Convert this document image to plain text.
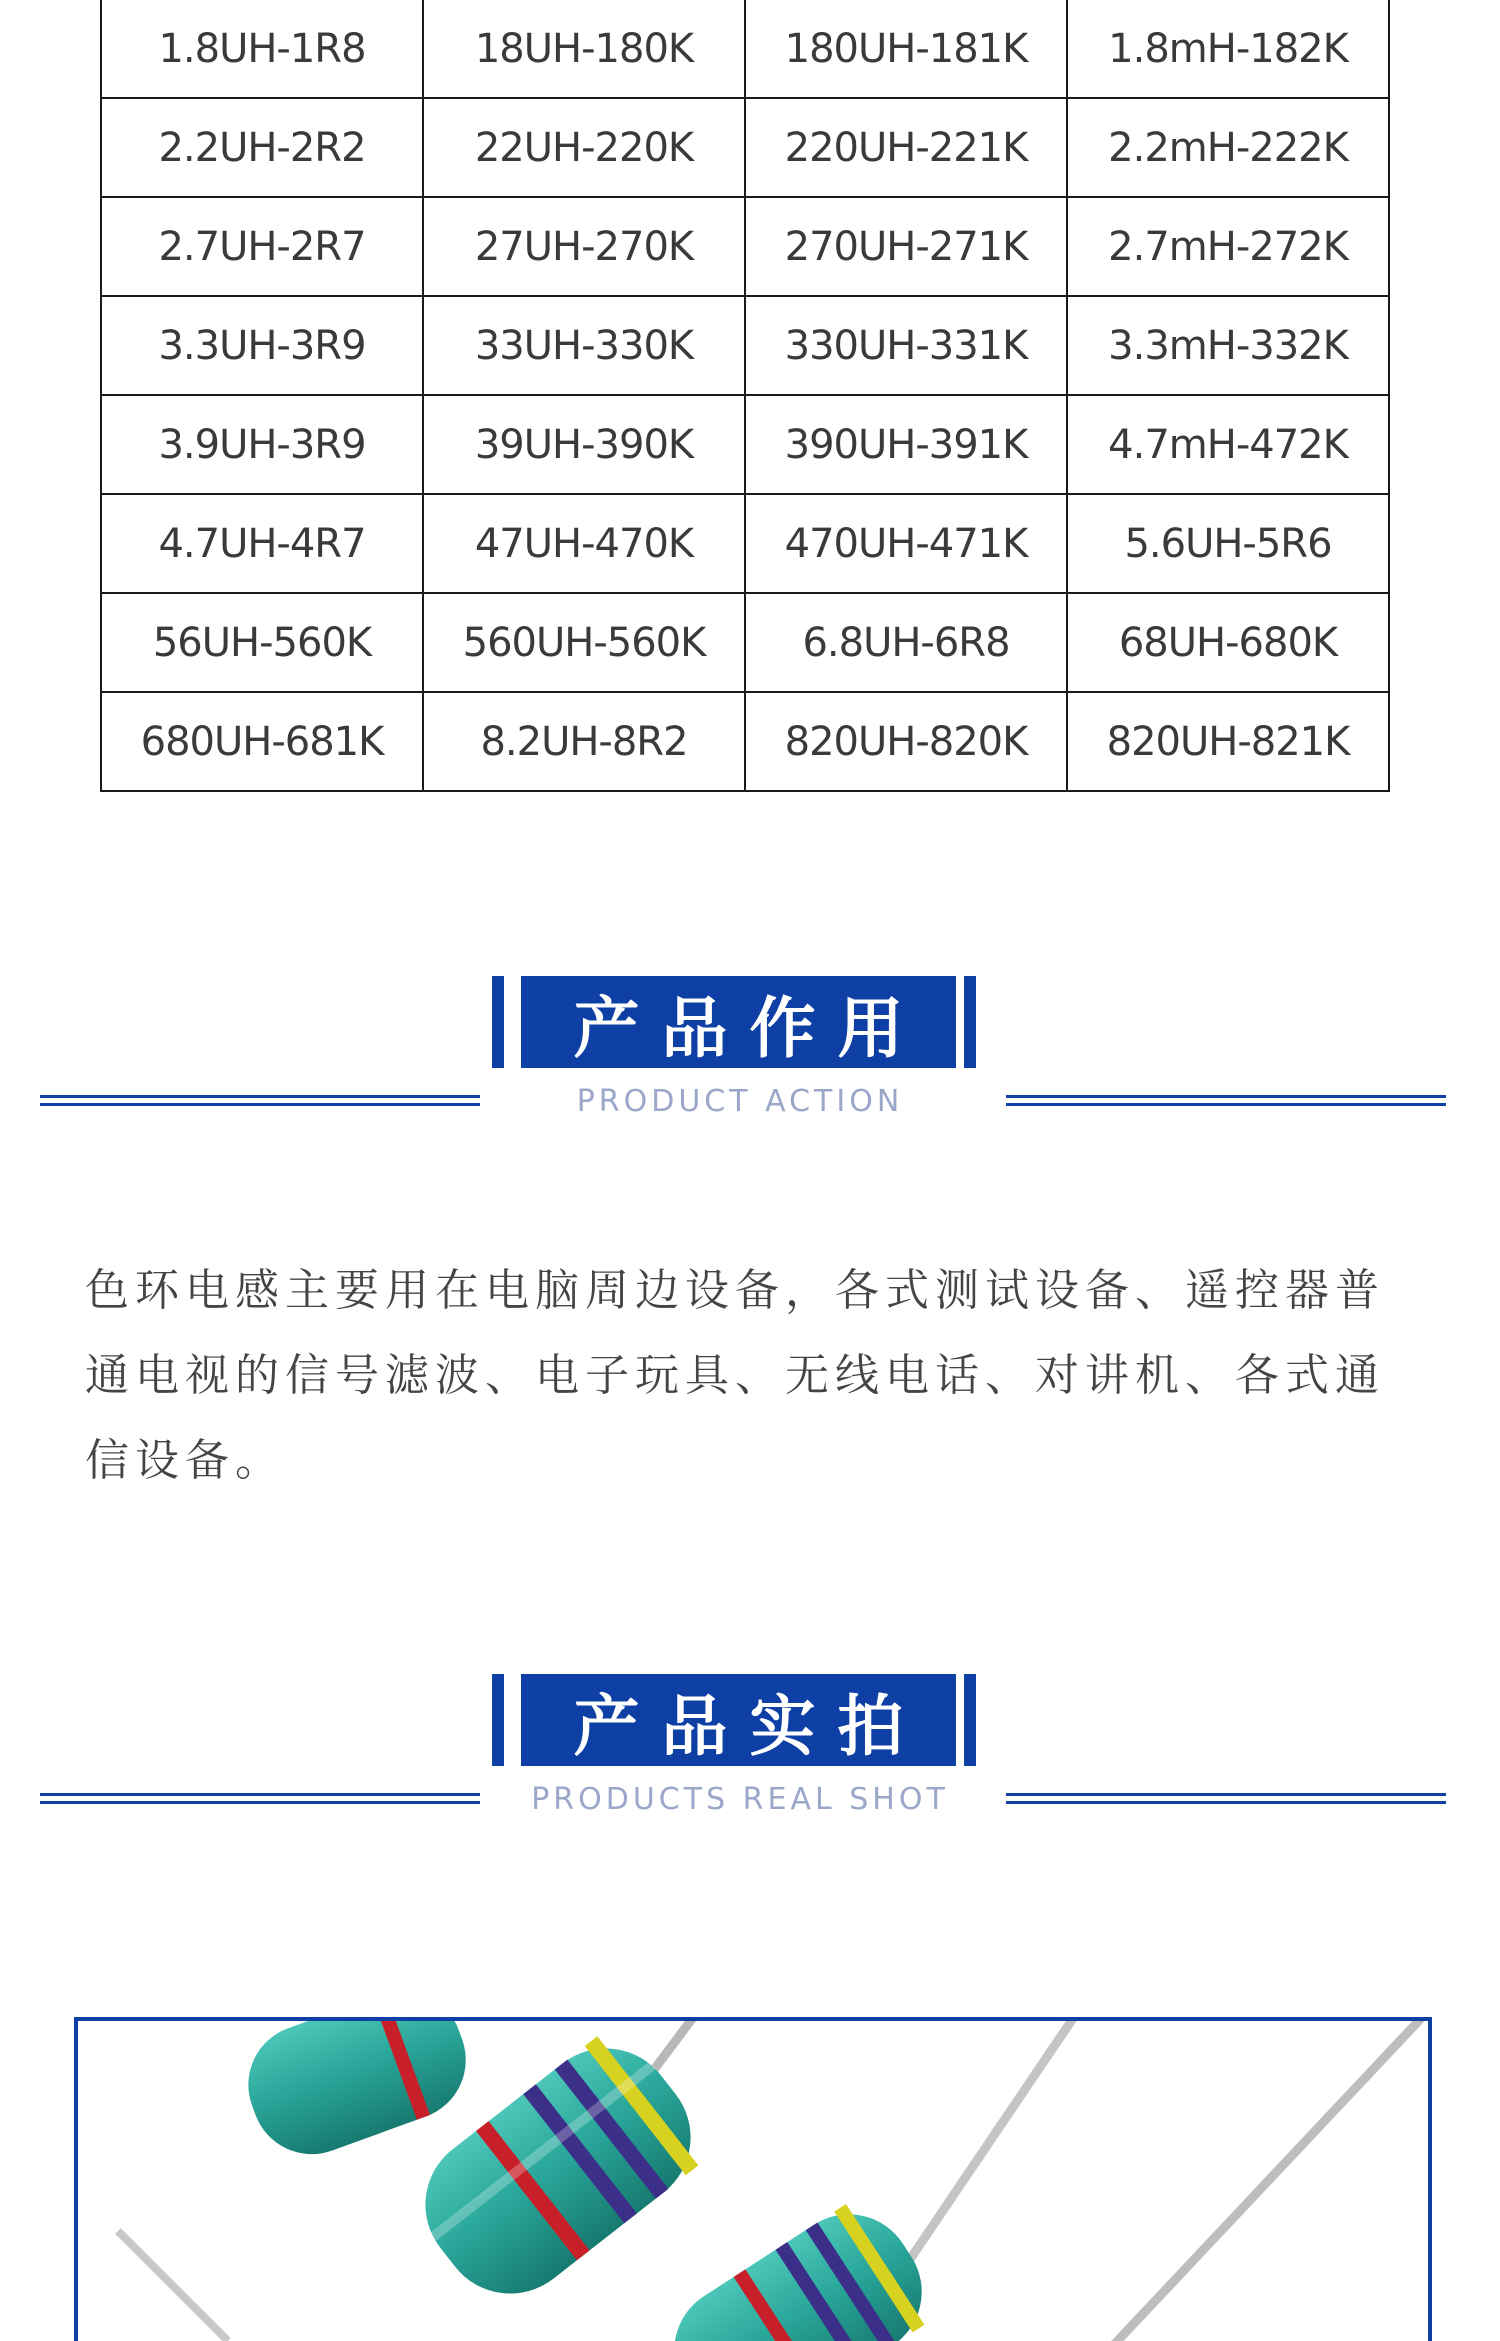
1.8UH-1R8	18UH-180K	180UH-181K	1.8mH-182K
2.2UH-2R2	22UH-220K	220UH-221K	2.2mH-222K
2.7UH-2R7	27UH-270K	270UH-271K	2.7mH-272K
3.3UH-3R9	33UH-330K	330UH-331K	3.3mH-332K
3.9UH-3R9	39UH-390K	390UH-391K	4.7mH-472K
4.7UH-4R7	47UH-470K	470UH-471K	5.6UH-5R6
56UH-560K	560UH-560K	6.8UH-6R8	68UH-680K
680UH-681K	8.2UH-8R2	820UH-820K	820UH-821K
产品作用
PRODUCT ACTION

色环电感主要用在电脑周边设备，各式测试设备、遥控器普通电视的信号滤波、电子玩具、无线电话、对讲机、各式通信设备。

产品实拍
PRODUCTS REAL SHOT
